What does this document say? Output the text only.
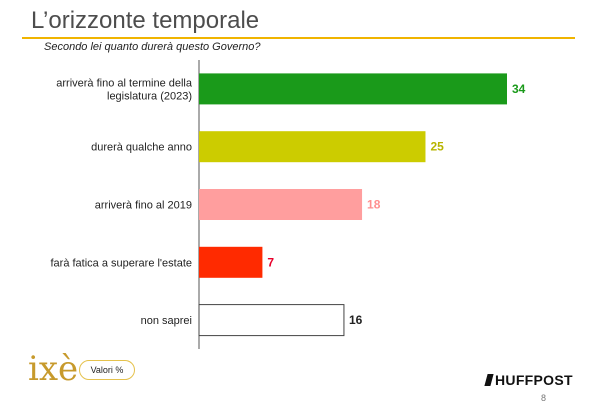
L’orizzonte temporale
Secondo lei quanto durerà questo Governo?
34
arriverà fino al termine della
legislatura (2023)
25
durerà qualche anno
18
arriverà fino al 2019
7
farà fatica a superare l'estate
16
non saprei
ixè	Valori %
HUFFPOST
8
